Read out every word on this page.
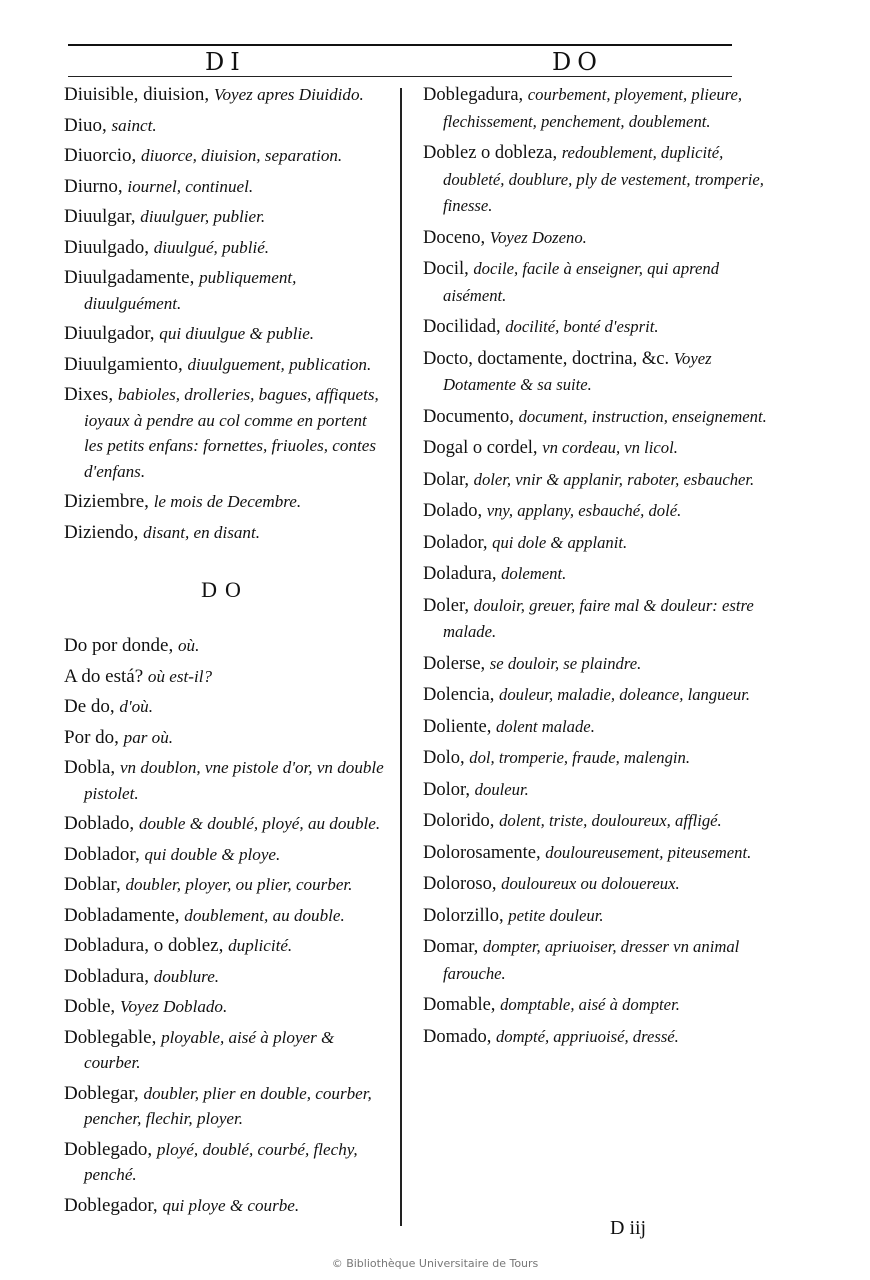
DI	DO

Diuisible, diuision, Voyez apres Diuidido.

Diuo, sainct.

Diuorcio, diuorce, diuision, separation.

Diurno, iournel, continuel.

Diuulgar, diuulguer, publier.

Diuulgado, diuulgué, publié.

Diuulgadamente, publiquement, diuulguément.

Diuulgador, qui diuulgue & publie.

Diuulgamiento, diuulguement, publication.

Dixes, babioles, drolleries, bagues, affiquets, ioyaux à pendre au col comme en portent les petits enfans: fornettes, friuoles, contes d'enfans.

Diziembre, le mois de Decembre.

Diziendo, disant, en disant.

DO

Do por donde, où.

A do está? où est-il?

De do, d'où.

Por do, par où.

Dobla, vn doublon, vne pistole d'or, vn double pistolet.

Doblado, double & doublé, ployé, au double.

Doblador, qui double & ploye.

Doblar, doubler, ployer, ou plier, courber.

Dobladamente, doublement, au double.

Dobladura, o doblez, duplicité.

Dobladura, doublure.

Doble, Voyez Doblado.

Doblegable, ployable, aisé à ployer & courber.

Doblegar, doubler, plier en double, courber, pencher, flechir, ployer.

Doblegado, ployé, doublé, courbé, flechy, penché.

Doblegador, qui ploye & courbe.

Doblegadura, courbement, ployement, plieure, flechissement, penchement, doublement.

Doblez o dobleza, redoublement, duplicité, doubleté, doublure, ply de vestement, tromperie, finesse.

Doceno, Voyez Dozeno.

Docil, docile, facile à enseigner, qui aprend aisément.

Docilidad, docilité, bonté d'esprit.

Docto, doctamente, doctrina, &c. Voyez Dotamente & sa suite.

Documento, document, instruction, enseignement.

Dogal o cordel, vn cordeau, vn licol.

Dolar, doler, vnir & applanir, raboter, esbaucher.

Dolado, vny, applany, esbauché, dolé.

Dolador, qui dole & applanit.

Doladura, dolement.

Doler, douloir, greuer, faire mal & douleur: estre malade.

Dolerse, se douloir, se plaindre.

Dolencia, douleur, maladie, doleance, langueur.

Doliente, dolent malade.

Dolo, dol, tromperie, fraude, malengin.

Dolor, douleur.

Dolorido, dolent, triste, douloureux, affligé.

Dolorosamente, douloureusement, piteusement.

Doloroso, douloureux ou dolouereux.

Dolorzillo, petite douleur.

Domar, dompter, apriuoiser, dresser vn animal farouche.

Domable, domptable, aisé à dompter.

Domado, dompté, appriuoisé, dressé.

D iij
© Bibliothèque Universitaire de Tours
